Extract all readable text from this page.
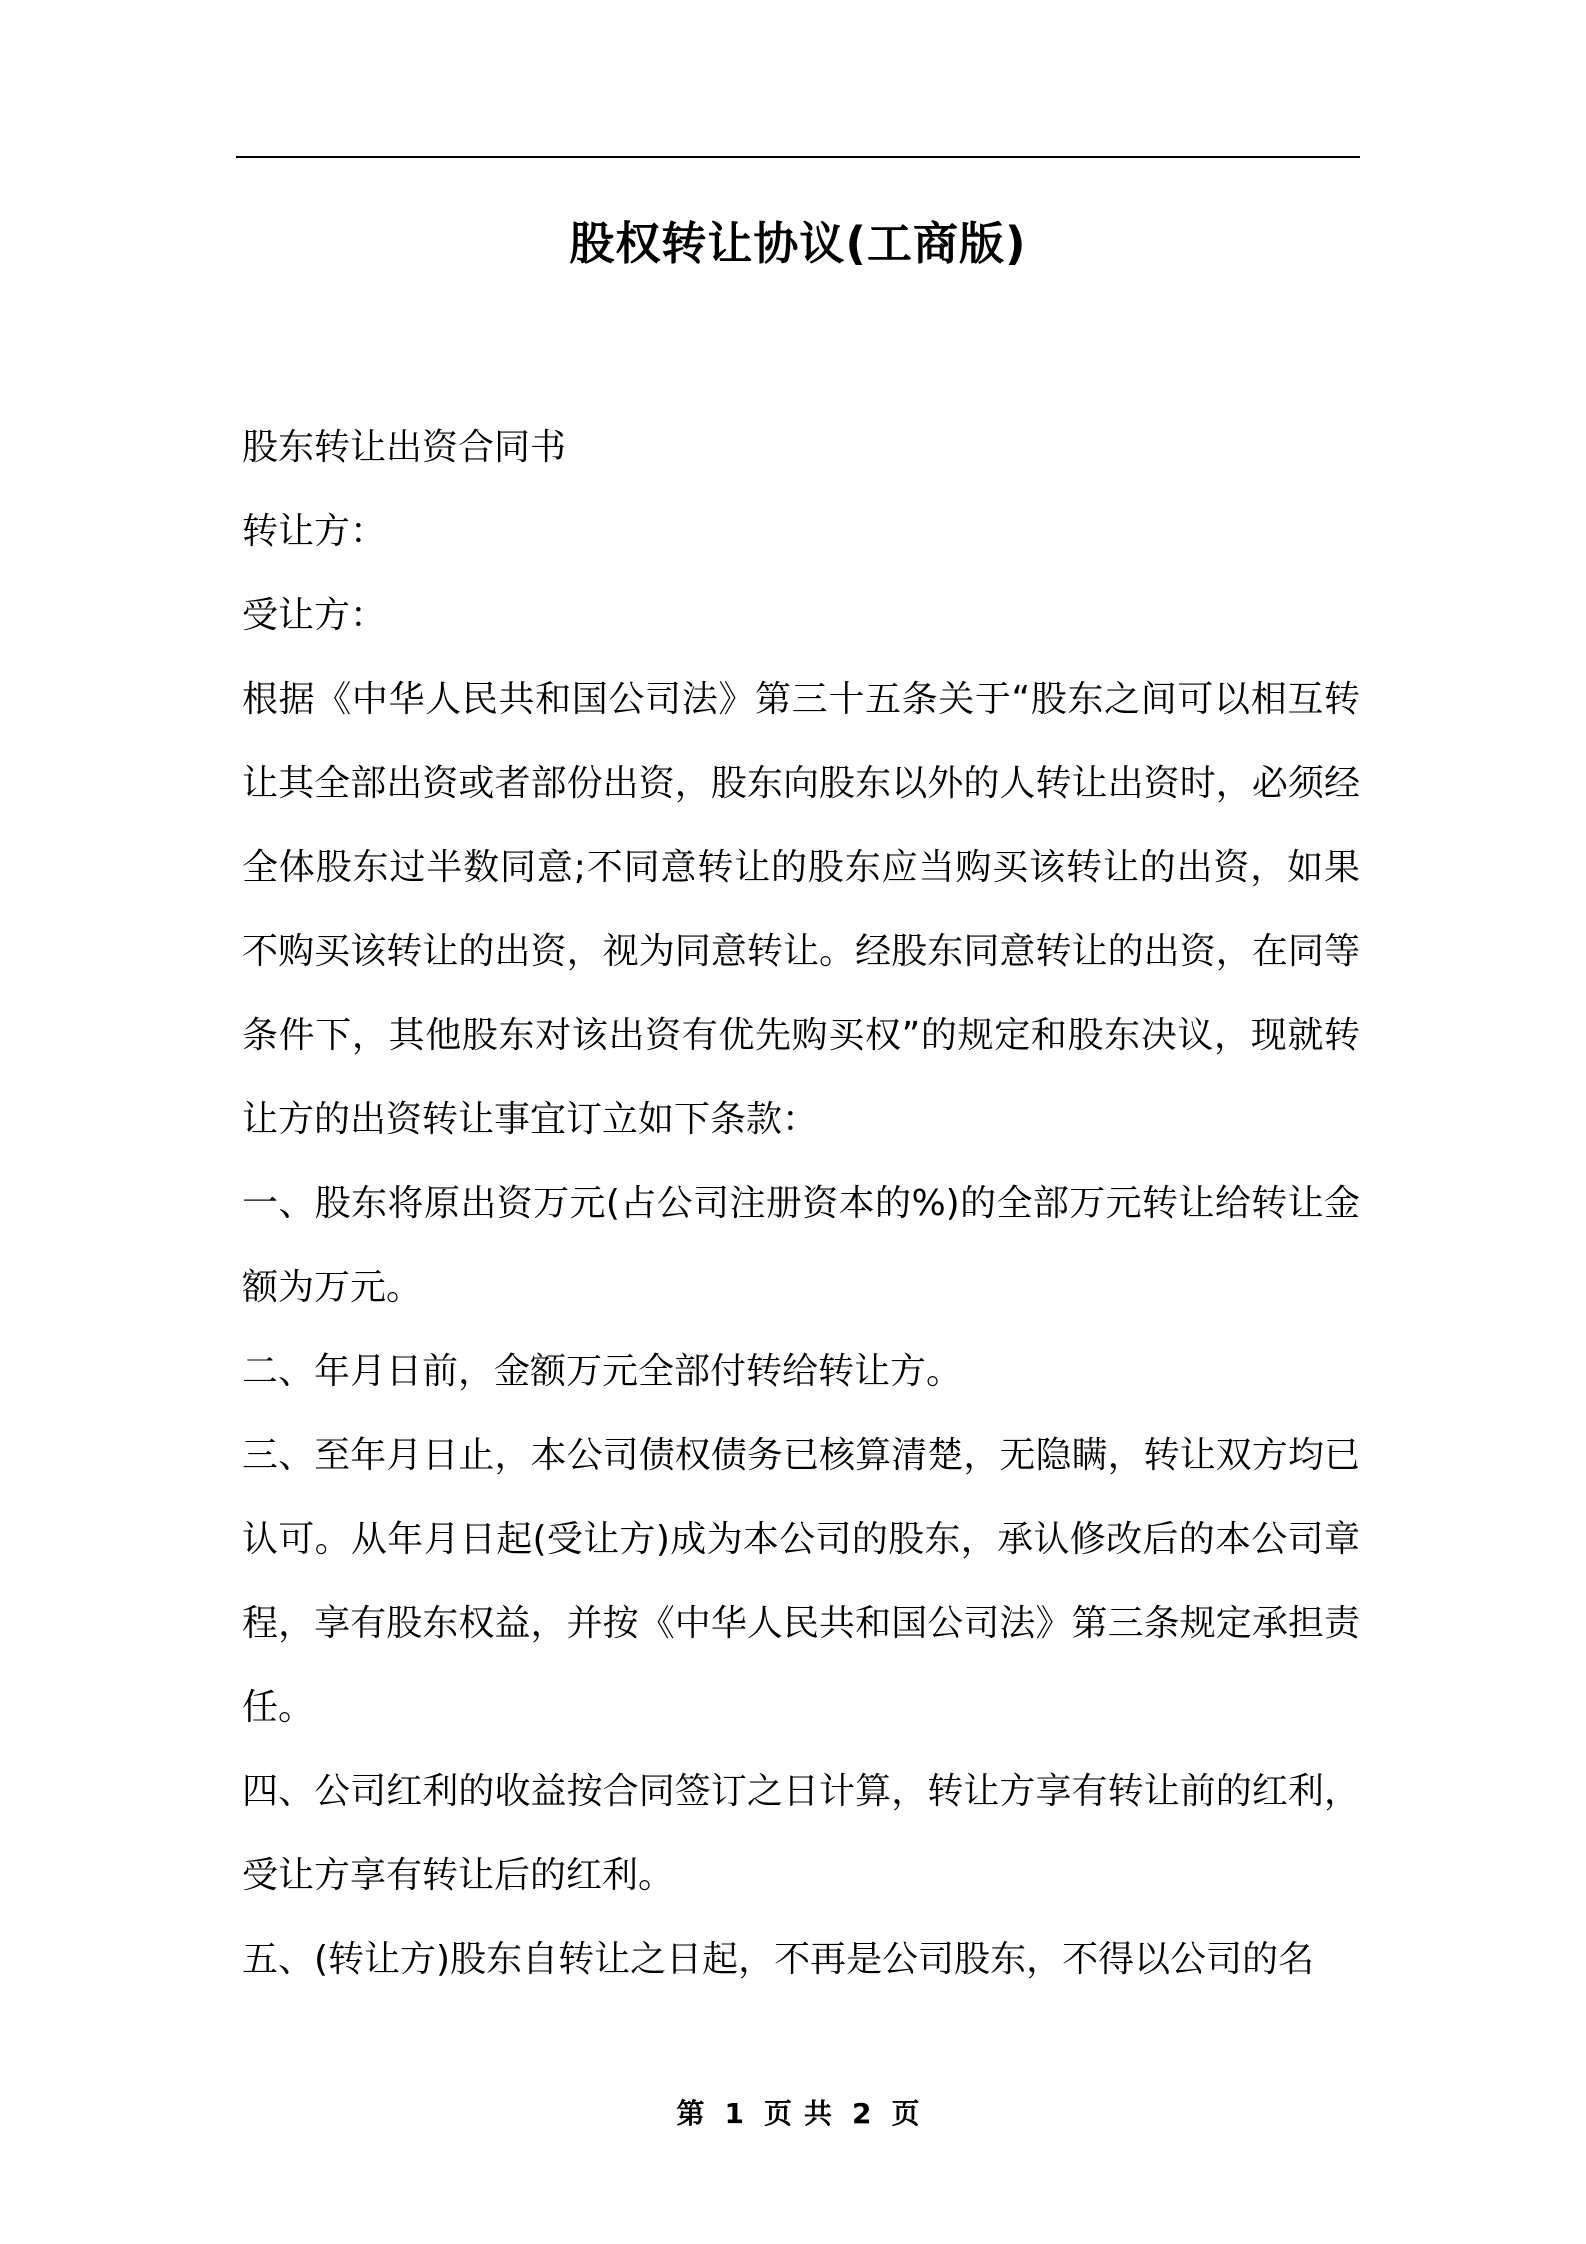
股权转让协议(工商版)

股东转让出资合同书

转让方：

受让方：

根据《中华人民共和国公司法》第三十五条关于“股东之间可以相互转让其全部出资或者部份出资，股东向股东以外的人转让出资时，必须经全体股东过半数同意;不同意转让的股东应当购买该转让的出资，如果不购买该转让的出资，视为同意转让。经股东同意转让的出资，在同等条件下，其他股东对该出资有优先购买权”的规定和股东决议，现就转让方的出资转让事宜订立如下条款：

一、股东将原出资万元(占公司注册资本的%)的全部万元转让给转让金额为万元。

二、年月日前，金额万元全部付转给转让方。

三、至年月日止，本公司债权债务已核算清楚，无隐瞒，转让双方均已认可。从年月日起(受让方)成为本公司的股东，承认修改后的本公司章程，享有股东权益，并按《中华人民共和国公司法》第三条规定承担责任。

四、公司红利的收益按合同签订之日计算，转让方享有转让前的红利，受让方享有转让后的红利。

五、(转让方)股东自转让之日起，不再是公司股东，不得以公司的名

第 1 页 共 2 页
